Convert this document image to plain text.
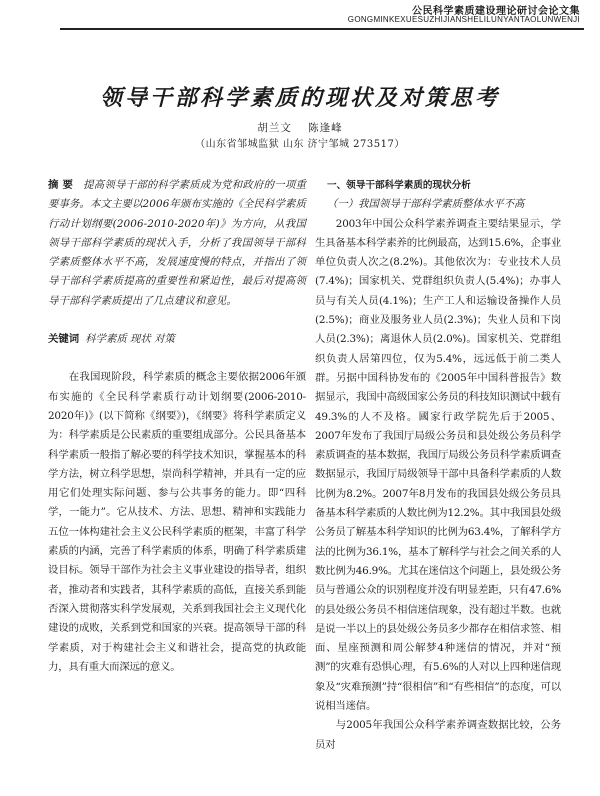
公民科学素质建设理论研讨会论文集
GONGMINKEXUESUZHIJIANSHELILUNYANTAOLUNWENJI
领导干部科学素质的现状及对策思考
胡兰文 陈逢峰
（山东省邹城监狱 山东 济宁邹城 273517）

摘 要 提高领导干部的科学素质成为党和政府的一项重要事务。本文主要以2006年颁布实施的《全民科学素质行动计划纲要(2006-2010-2020年)》为方向，从我国领导干部科学素质的现状入手，分析了我国领导干部科学素质整体水平不高，发展速度慢的特点，并指出了领导干部科学素质提高的重要性和紧迫性，最后对提高领导干部科学素质提出了几点建议和意见。

关键词 科学素质 现状 对策

在我国现阶段，科学素质的概念主要依据2006年颁布实施的《全民科学素质行动计划纲要(2006-2010-2020年)》(以下简称《纲要》)，《纲要》将科学素质定义为：科学素质是公民素质的重要组成部分。公民具备基本科学素质一般指了解必要的科学技术知识，掌握基本的科学方法，树立科学思想，崇尚科学精神，并具有一定的应用它们处理实际问题、参与公共事务的能力。即“四科学，一能力”。它从技术、方法、思想、精神和实践能力五位一体构建社会主义公民科学素质的框架，丰富了科学素质的内涵，完善了科学素质的体系，明确了科学素质建设目标。领导干部作为社会主义事业建设的指导者，组织者，推动者和实践者，其科学素质的高低，直接关系到能否深入贯彻落实科学发展观，关系到我国社会主义现代化建设的成败，关系到党和国家的兴衰。提高领导干部的科学素质，对于构建社会主义和谐社会，提高党的执政能力，具有重大而深远的意义。

一、领导干部科学素质的现状分析

（一）我国领导干部科学素质整体水平不高

2003年中国公众科学素养调查主要结果显示，学生具备基本科学素养的比例最高，达到15.6%，企事业单位负责人次之(8.2%)。其他依次为：专业技术人员(7.4%)；国家机关、党群组织负责人(5.4%)；办事人员与有关人员(4.1%)；生产工人和运输设备操作人员(2.5%)；商业及服务业人员(2.3%)；失业人员和下岗人员(2.3%)；离退休人员(2.0%)。国家机关、党群组织负责人居第四位，仅为5.4%，远远低于前二类人群。另据中国科协发布的《2005年中国科普报告》数据显示，我国中高级国家公务员的科技知识测试中载有49.3%的人不及格。國家行政学院先后于2005、2007年发布了我国厅局级公务员和县处级公务员科学素质调查的基本数据，我国厅局级公务员科学素质调查数据显示，我国厅局级领导干部中具备科学素质的人数比例为8.2%。2007年8月发布的我国县处级公务员具备基本科学素质的人数比例为12.2%。其中我国县处级公务员了解基本科学知识的比例为63.4%，了解科学方法的比例为36.1%，基本了解科学与社会之间关系的人数比例为46.9%。尤其在迷信这个问题上，县处级公务员与普通公众的识别程度并没有明显差距，只有47.6%的县处级公务员不相信迷信现象，没有超过半数。也就是说一半以上的县处级公务员多少都存在相信求签、相面、星座预测和周公解梦4种迷信的情况，并对“预测”的灾难有恐惧心理，有5.6%的人对以上四种迷信现象及“灾难预测”持“很相信”和“有些相信”的态度，可以说相当迷信。

与2005年我国公众科学素养调查数据比较，公务员对
